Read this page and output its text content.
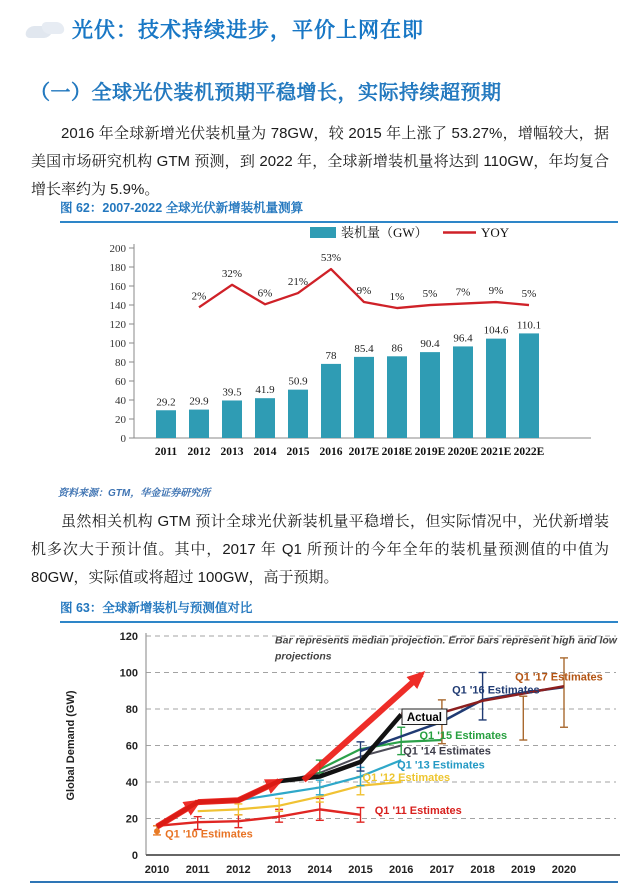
光伏：技术持续进步，平价上网在即
（一）全球光伏装机预期平稳增长，实际持续超预期
2016 年全球新增光伏装机量为 78GW，较 2015 年上涨了 53.27%，增幅较大，据美国市场研究机构 GTM 预测，到 2022 年，全球新增装机量将达到 110GW，年均复合增长率约为 5.9%。
图 62：2007-2022 全球光伏新增装机量测算
装机量（GW）	YOY
0
20
40
60
80
100
120
140
160
180
200
2011 2012 2013 2014 2015 2016 2017E 2018E 2019E 2020E 2021E 2022E
29.2 29.9
39.5 41.9
50.9
78
85.4 86 90.4 96.4
104.6 110.1
2%
32%
6%
21%
53%
9%
1% 5% 7% 9% 5%
资料来源：GTM，华金证券研究所
虽然相关机构 GTM 预计全球光伏新装机量平稳增长，但实际情况中，光伏新增装机多次大于预计值。其中，2017 年 Q1 所预计的今年全年的装机量预测值的中值为 80GW，实际值或将超过 100GW，高于预期。
图 63：全球新增装机与预测值对比
0
20
40
60
80
100
120
2010 2011 2012 2013 2014 2015 2016 2017 2018 2019 2020
Global Demand (GW)
Bar represents median projection. Error bars represent high and low
projections
Q1 '10 Estimates
Q1 '11 Estimates
Q1 '12 Estimates
Q1 '13 Estimates
Q1 '14 Estimates
Q1 '15 Estimates
Q1 '16 Estimates
Actual
Q1 '17 Estimates
